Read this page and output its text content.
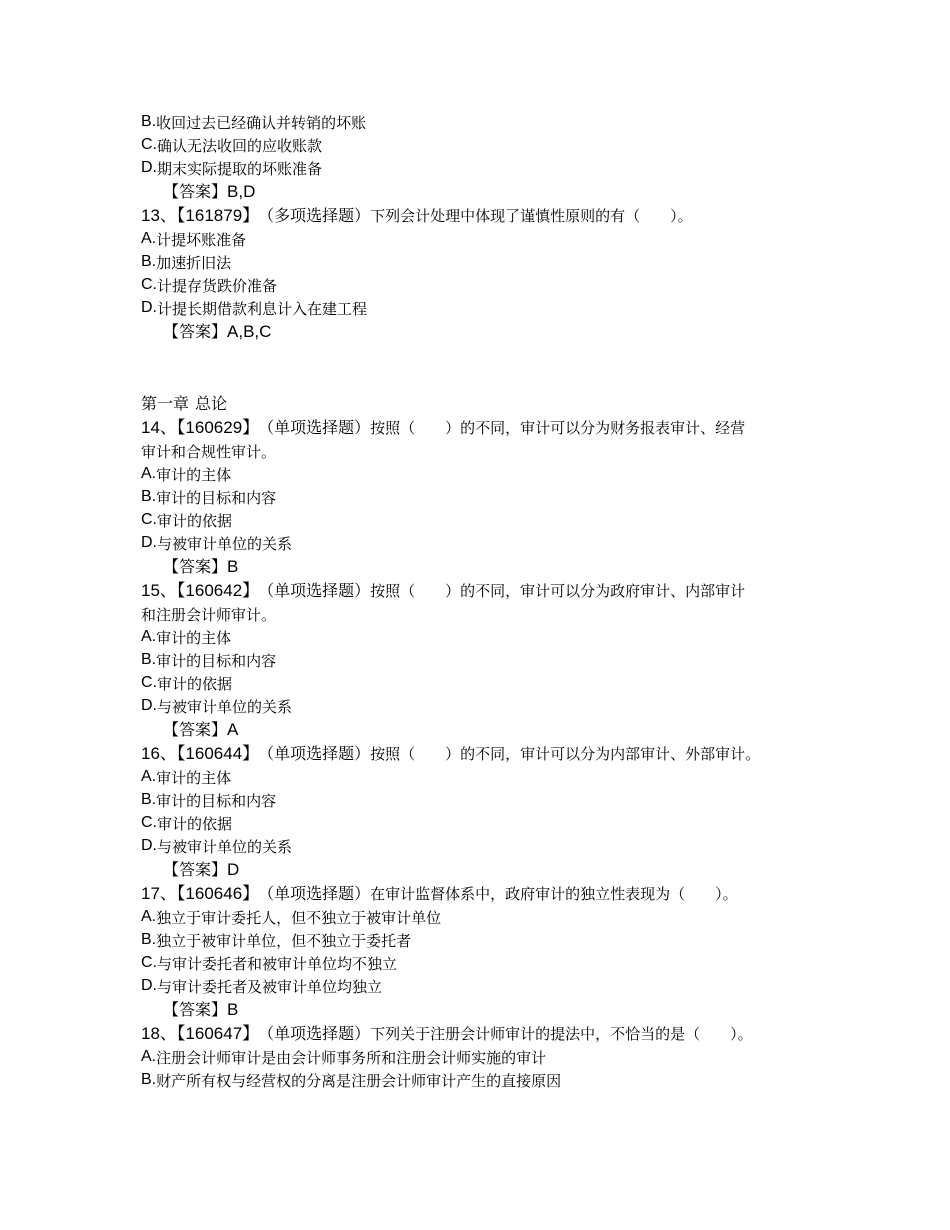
B.收回过去已经确认并转销的坏账
C.确认无法收回的应收账款
D.期末实际提取的坏账准备
【答案】B,D
13、【161879】 （多项选择题）下列会计处理中体现了谨慎性原则的有（　　）。
A.计提坏账准备
B.加速折旧法
C.计提存货跌价准备
D.计提长期借款利息计入在建工程
【答案】A,B,C
第一章 总论
14、【160629】 （单项选择题）按照（　　）的不同，审计可以分为财务报表审计、经营
审计和合规性审计。
A.审计的主体
B.审计的目标和内容
C.审计的依据
D.与被审计单位的关系
【答案】B
15、【160642】 （单项选择题）按照（　　）的不同，审计可以分为政府审计、内部审计
和注册会计师审计。
A.审计的主体
B.审计的目标和内容
C.审计的依据
D.与被审计单位的关系
【答案】A
16、【160644】 （单项选择题）按照（　　）的不同，审计可以分为内部审计、外部审计。
A.审计的主体
B.审计的目标和内容
C.审计的依据
D.与被审计单位的关系
【答案】D
17、【160646】 （单项选择题）在审计监督体系中，政府审计的独立性表现为（　　）。
A.独立于审计委托人，但不独立于被审计单位
B.独立于被审计单位，但不独立于委托者
C.与审计委托者和被审计单位均不独立
D.与审计委托者及被审计单位均独立
【答案】B
18、【160647】 （单项选择题）下列关于注册会计师审计的提法中，不恰当的是（　　）。
A.注册会计师审计是由会计师事务所和注册会计师实施的审计
B.财产所有权与经营权的分离是注册会计师审计产生的直接原因
